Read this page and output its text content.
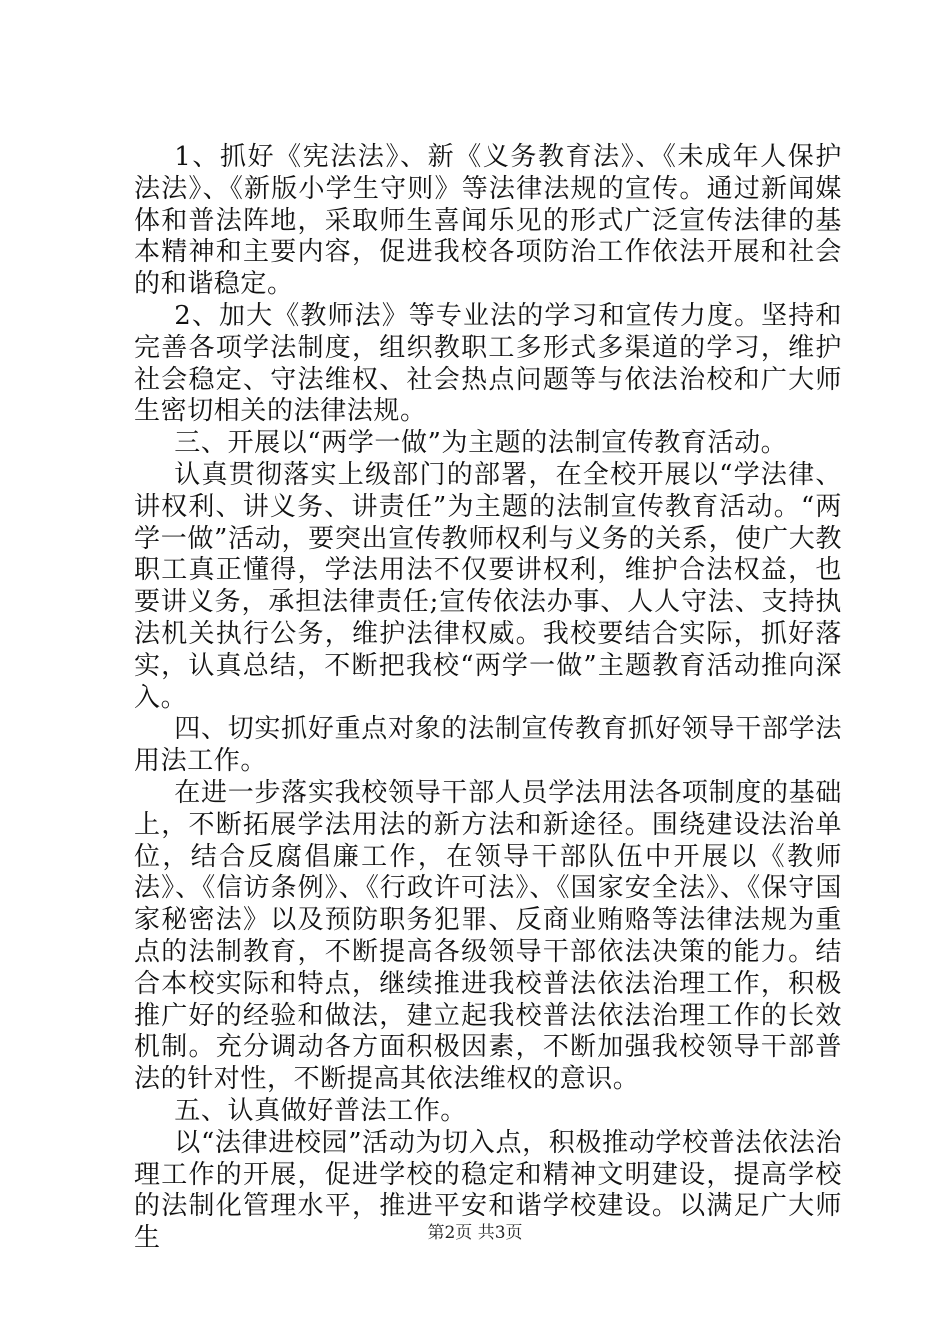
1、抓好《宪法法》、新《义务教育法》、《未成年人保护法法》、《新版小学生守则》等法律法规的宣传。通过新闻媒体和普法阵地，采取师生喜闻乐见的形式广泛宣传法律的基本精神和主要内容，促进我校各项防治工作依法开展和社会的和谐稳定。

2、加大《教师法》等专业法的学习和宣传力度。坚持和完善各项学法制度，组织教职工多形式多渠道的学习，维护社会稳定、守法维权、社会热点问题等与依法治校和广大师生密切相关的法律法规。

三、开展以“两学一做”为主题的法制宣传教育活动。

认真贯彻落实上级部门的部署，在全校开展以“学法律、讲权利、讲义务、讲责任”为主题的法制宣传教育活动。“两学一做”活动，要突出宣传教师权利与义务的关系，使广大教职工真正懂得，学法用法不仅要讲权利，维护合法权益，也要讲义务，承担法律责任;宣传依法办事、人人守法、支持执法机关执行公务，维护法律权威。我校要结合实际，抓好落实，认真总结，不断把我校“两学一做”主题教育活动推向深入。

四、切实抓好重点对象的法制宣传教育抓好领导干部学法用法工作。

在进一步落实我校领导干部人员学法用法各项制度的基础上，不断拓展学法用法的新方法和新途径。围绕建设法治单位，结合反腐倡廉工作，在领导干部队伍中开展以《教师法》、《信访条例》、《行政许可法》、《国家安全法》、《保守国家秘密法》以及预防职务犯罪、反商业贿赂等法律法规为重点的法制教育，不断提高各级领导干部依法决策的能力。结合本校实际和特点，继续推进我校普法依法治理工作，积极推广好的经验和做法，建立起我校普法依法治理工作的长效机制。充分调动各方面积极因素，不断加强我校领导干部普法的针对性，不断提高其依法维权的意识。

五、认真做好普法工作。

以“法律进校园”活动为切入点，积极推动学校普法依法治理工作的开展，促进学校的稳定和精神文明建设，提高学校的法制化管理水平，推进平安和谐学校建设。以满足广大师生	第2页 共3页
